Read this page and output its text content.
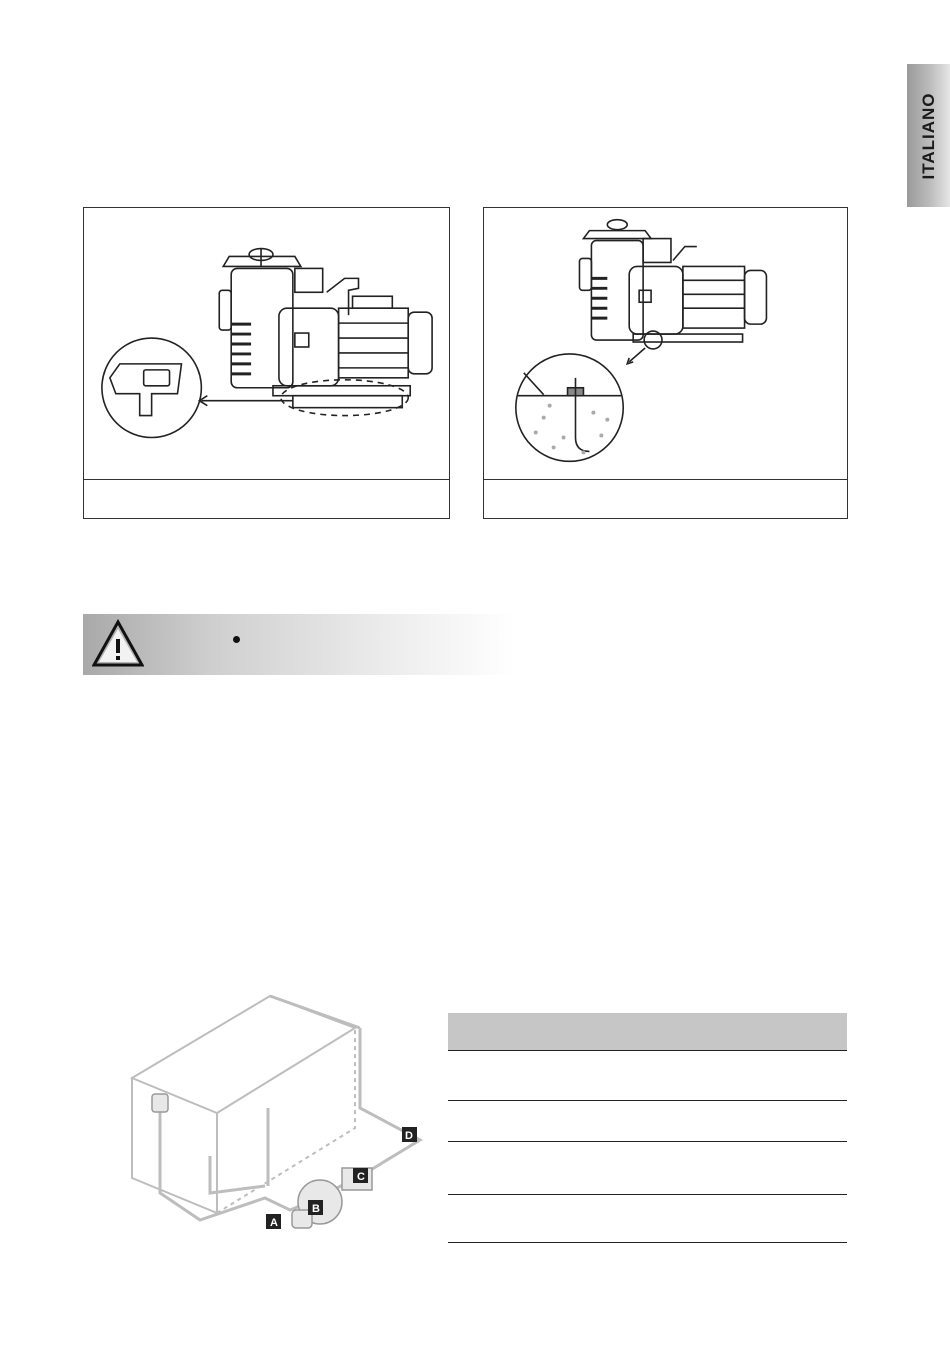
ITALIANO
A
B
C
D
